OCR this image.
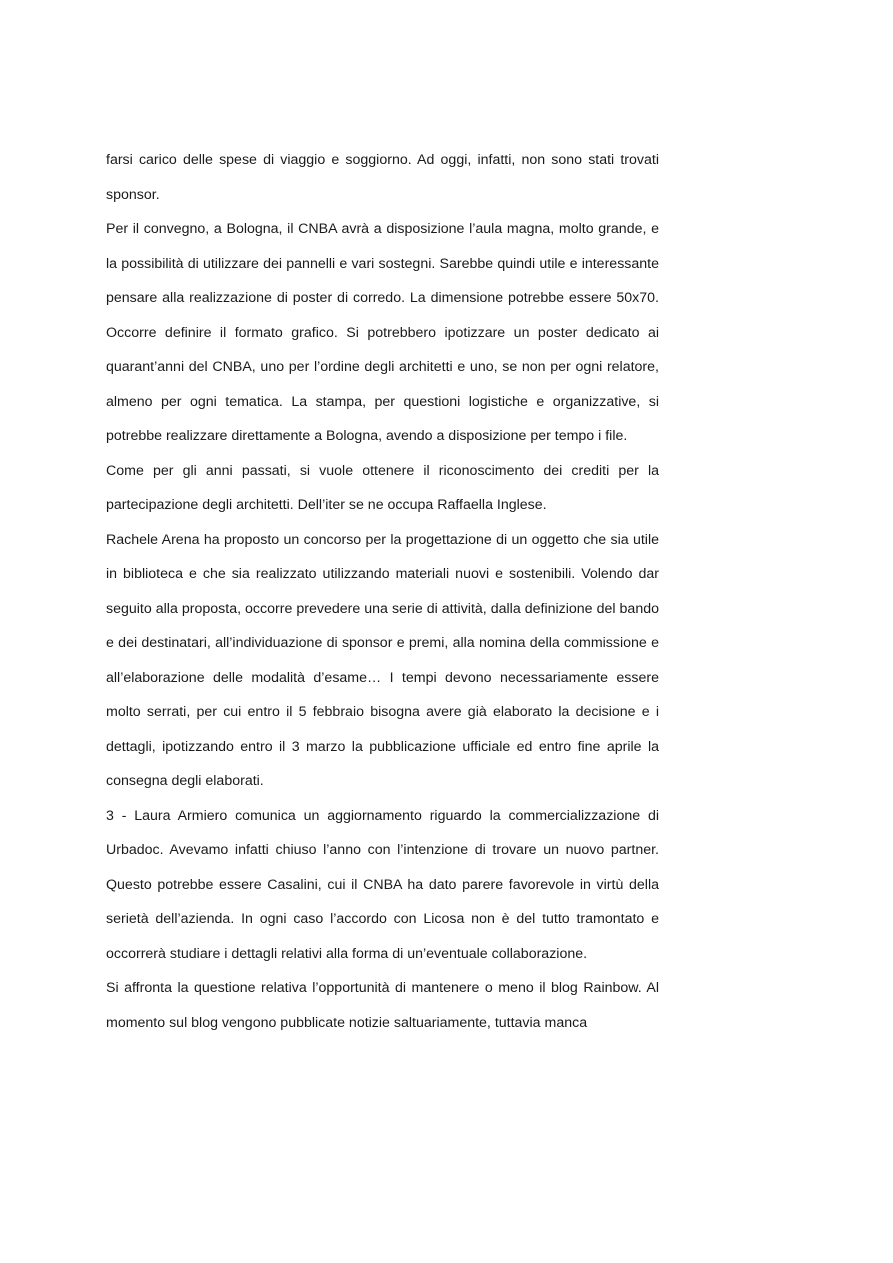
farsi carico delle spese di viaggio e soggiorno. Ad oggi, infatti, non sono stati trovati sponsor.

Per il convegno, a Bologna, il CNBA avrà a disposizione l’aula magna, molto grande, e la possibilità di utilizzare dei pannelli e vari sostegni. Sarebbe quindi utile e interessante pensare alla realizzazione di poster di corredo. La dimensione potrebbe essere 50x70. Occorre definire il formato grafico. Si potrebbero ipotizzare un poster dedicato ai quarant’anni del CNBA, uno per l’ordine degli architetti e uno, se non per ogni relatore, almeno per ogni tematica. La stampa, per questioni logistiche e organizzative, si potrebbe realizzare direttamente a Bologna, avendo a disposizione per tempo i file.

Come per gli anni passati, si vuole ottenere il riconoscimento dei crediti per la partecipazione degli architetti. Dell’iter se ne occupa Raffaella Inglese.

Rachele Arena ha proposto un concorso per la progettazione di un oggetto che sia utile in biblioteca e che sia realizzato utilizzando materiali nuovi e sostenibili. Volendo dar seguito alla proposta, occorre prevedere una serie di attività, dalla definizione del bando e dei destinatari, all’individuazione di sponsor e premi, alla nomina della commissione e all’elaborazione delle modalità d’esame… I tempi devono necessariamente essere molto serrati, per cui entro il 5 febbraio bisogna avere già elaborato la decisione e i dettagli, ipotizzando entro il 3 marzo la pubblicazione ufficiale ed entro fine aprile la consegna degli elaborati.

3 - Laura Armiero comunica un aggiornamento riguardo la commercializzazione di Urbadoc. Avevamo infatti chiuso l’anno con l’intenzione di trovare un nuovo partner. Questo potrebbe essere Casalini, cui il CNBA ha dato parere favorevole in virtù della serietà dell’azienda. In ogni caso l’accordo con Licosa non è del tutto tramontato e occorrerà studiare i dettagli relativi alla forma di un’eventuale collaborazione.

Si affronta la questione relativa l’opportunità di mantenere o meno il blog Rainbow. Al momento sul blog vengono pubblicate notizie saltuariamente, tuttavia manca
